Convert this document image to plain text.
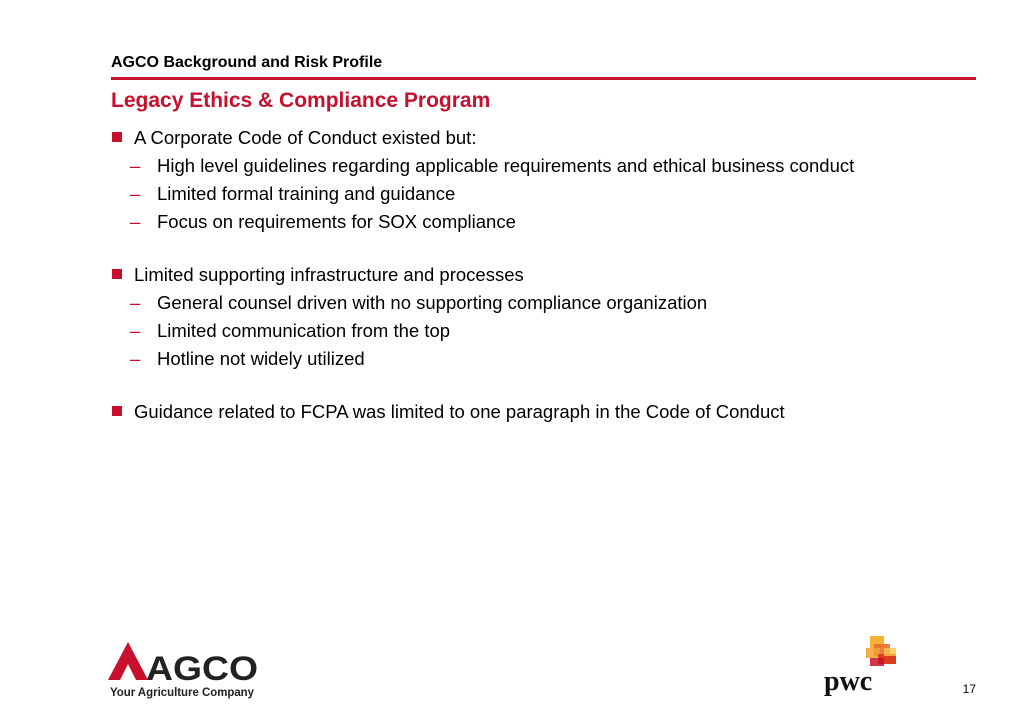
AGCO Background and Risk Profile
Legacy Ethics & Compliance Program
A Corporate Code of Conduct existed but:
– High level guidelines regarding applicable requirements and ethical business conduct
– Limited formal training and guidance
– Focus on requirements for SOX compliance
Limited supporting infrastructure and processes
– General counsel driven with no supporting compliance organization
– Limited communication from the top
– Hotline not widely utilized
Guidance related to FCPA was limited to one paragraph in the Code of Conduct
AGCO
Your Agriculture Company	pwc	17
